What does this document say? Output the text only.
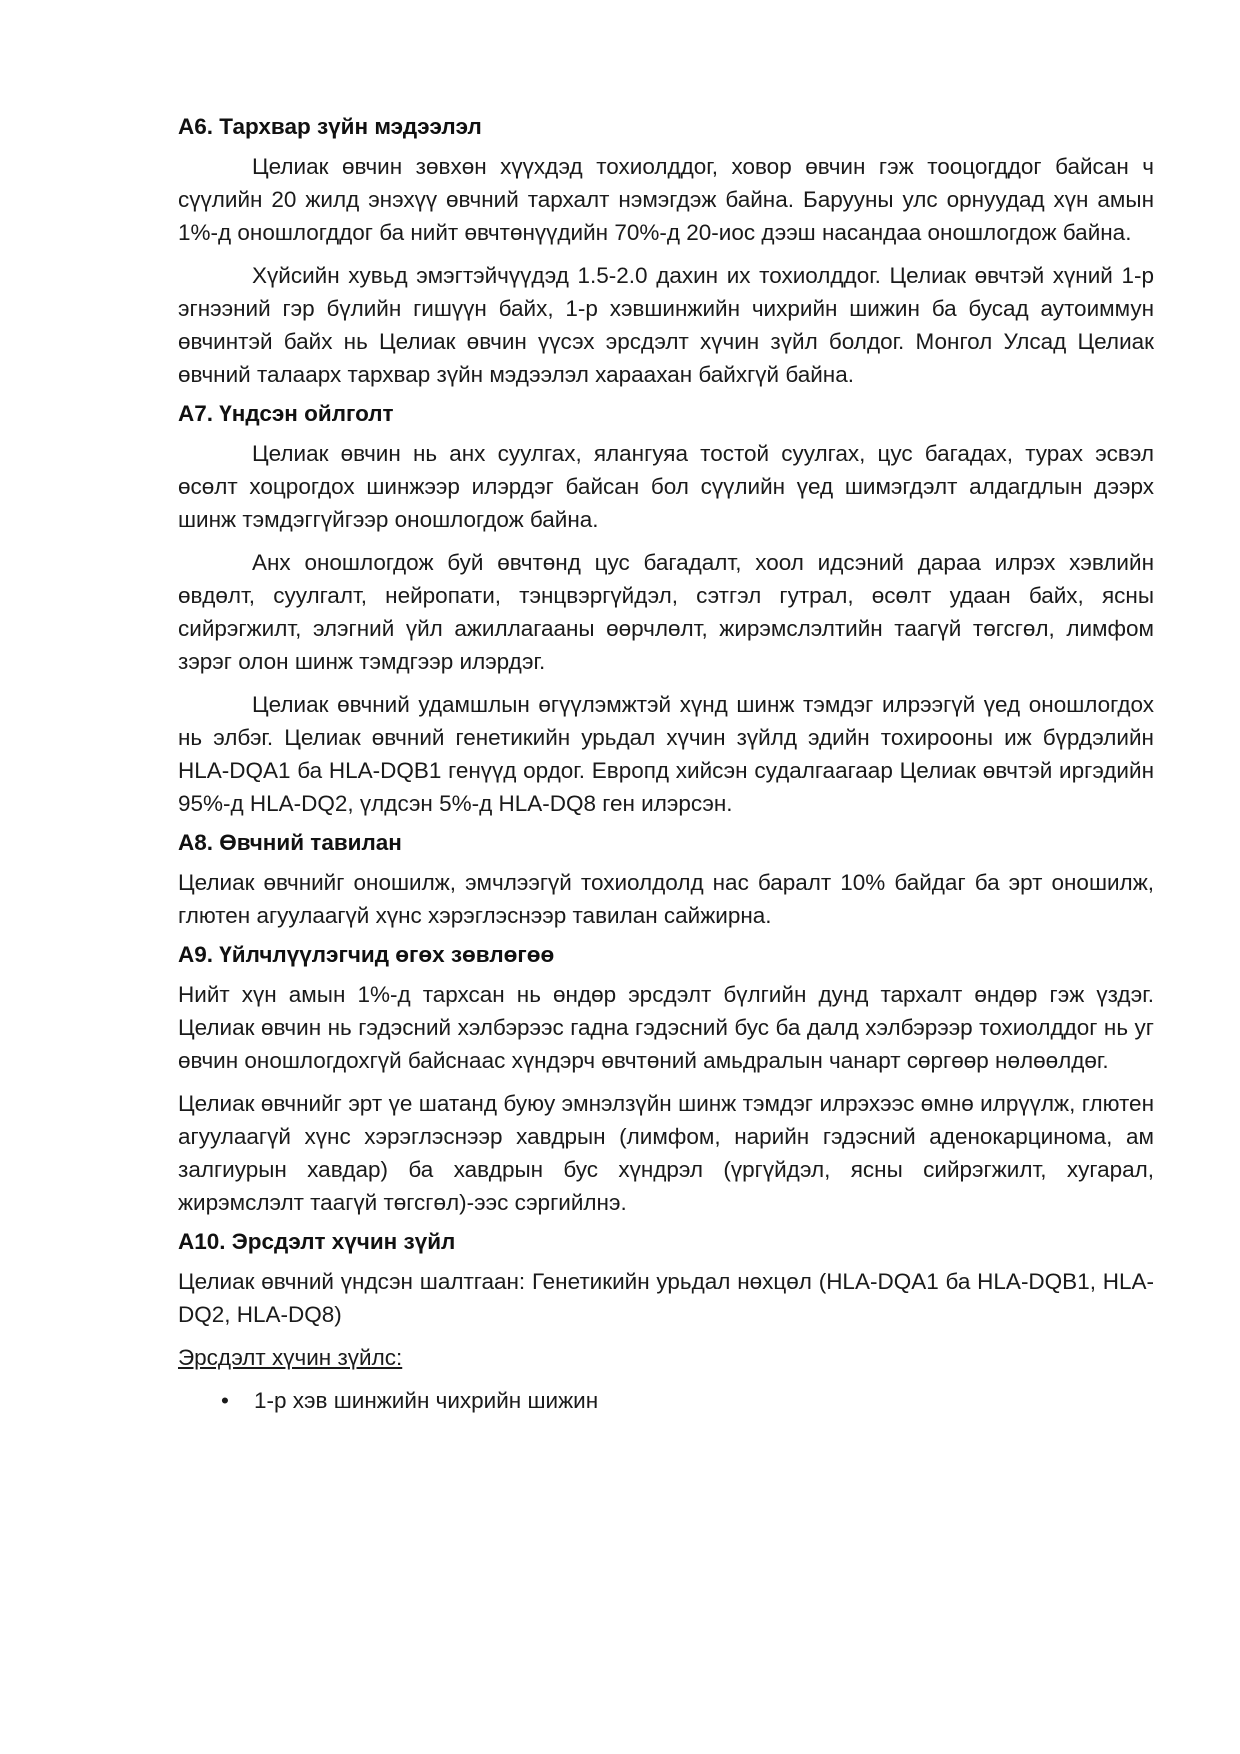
А6. Тархвар зүйн мэдээлэл

Целиак өвчин зөвхөн хүүхдэд тохиолддог, ховор өвчин гэж тооцогддог байсан ч сүүлийн 20 жилд энэхүү өвчний тархалт нэмэгдэж байна. Барууны улс орнуудад хүн амын 1%-д оношлогддог ба нийт өвчтөнүүдийн 70%-д 20-иос дээш насандаа оношлогдож байна.

Хүйсийн хувьд эмэгтэйчүүдэд 1.5-2.0 дахин их тохиолддог. Целиак өвчтэй хүний 1-р эгнээний гэр бүлийн гишүүн байх, 1-р хэвшинжийн чихрийн шижин ба бусад аутоиммун өвчинтэй байх нь Целиак өвчин үүсэх эрсдэлт хүчин зүйл болдог. Монгол Улсад Целиак өвчний талаарх тархвар зүйн мэдээлэл хараахан байхгүй байна.

А7. Үндсэн ойлголт

Целиак өвчин нь анх суулгах, ялангуяа тостой суулгах, цус багадах, турах эсвэл өсөлт хоцрогдох шинжээр илэрдэг байсан бол сүүлийн үед шимэгдэлт алдагдлын дээрх шинж тэмдэггүйгээр оношлогдож байна.

Анх оношлогдож буй өвчтөнд цус багадалт, хоол идсэний дараа илрэх хэвлийн өвдөлт, суулгалт, нейропати, тэнцвэргүйдэл, сэтгэл гутрал, өсөлт удаан байх, ясны сийрэгжилт, элэгний үйл ажиллагааны өөрчлөлт, жирэмслэлтийн таагүй төгсгөл, лимфом зэрэг олон шинж тэмдгээр илэрдэг.

Целиак өвчний удамшлын өгүүлэмжтэй хүнд шинж тэмдэг илрээгүй үед оношлогдох нь элбэг. Целиак өвчний генетикийн урьдал хүчин зүйлд эдийн тохирооны иж бүрдэлийн HLA-DQA1 ба HLA-DQB1 генүүд ордог. Европд хийсэн судалгаагаар Целиак өвчтэй иргэдийн 95%-д HLA-DQ2, үлдсэн 5%-д HLA-DQ8 ген илэрсэн.

А8. Өвчний тавилан

Целиак өвчнийг оношилж, эмчлээгүй тохиолдолд нас баралт 10% байдаг ба эрт оношилж, глютен агуулаагүй хүнс хэрэглэснээр тавилан сайжирна.

А9. Үйлчлүүлэгчид өгөх зөвлөгөө

Нийт хүн амын 1%-д тархсан нь өндөр эрсдэлт бүлгийн дунд тархалт өндөр гэж үздэг. Целиак өвчин нь гэдэсний хэлбэрээс гадна гэдэсний бус ба далд хэлбэрээр тохиолддог нь уг өвчин оношлогдохгүй байснаас хүндэрч өвчтөний амьдралын чанарт сөргөөр нөлөөлдөг.

Целиак өвчнийг эрт үе шатанд буюу эмнэлзүйн шинж тэмдэг илрэхээс өмнө илрүүлж, глютен агуулаагүй хүнс хэрэглэснээр хавдрын (лимфом, нарийн гэдэсний аденокарцинома, ам залгиурын хавдар) ба хавдрын бус хүндрэл (үргүйдэл, ясны сийрэгжилт, хугарал, жирэмслэлт таагүй төгсгөл)-ээс сэргийлнэ.

А10. Эрсдэлт хүчин зүйл

Целиак өвчний үндсэн шалтгаан: Генетикийн урьдал нөхцөл (HLA-DQA1 ба HLA-DQB1, HLA-DQ2, HLA-DQ8)

Эрсдэлт хүчин зүйлс:

• 1-р хэв шинжийн чихрийн шижин
